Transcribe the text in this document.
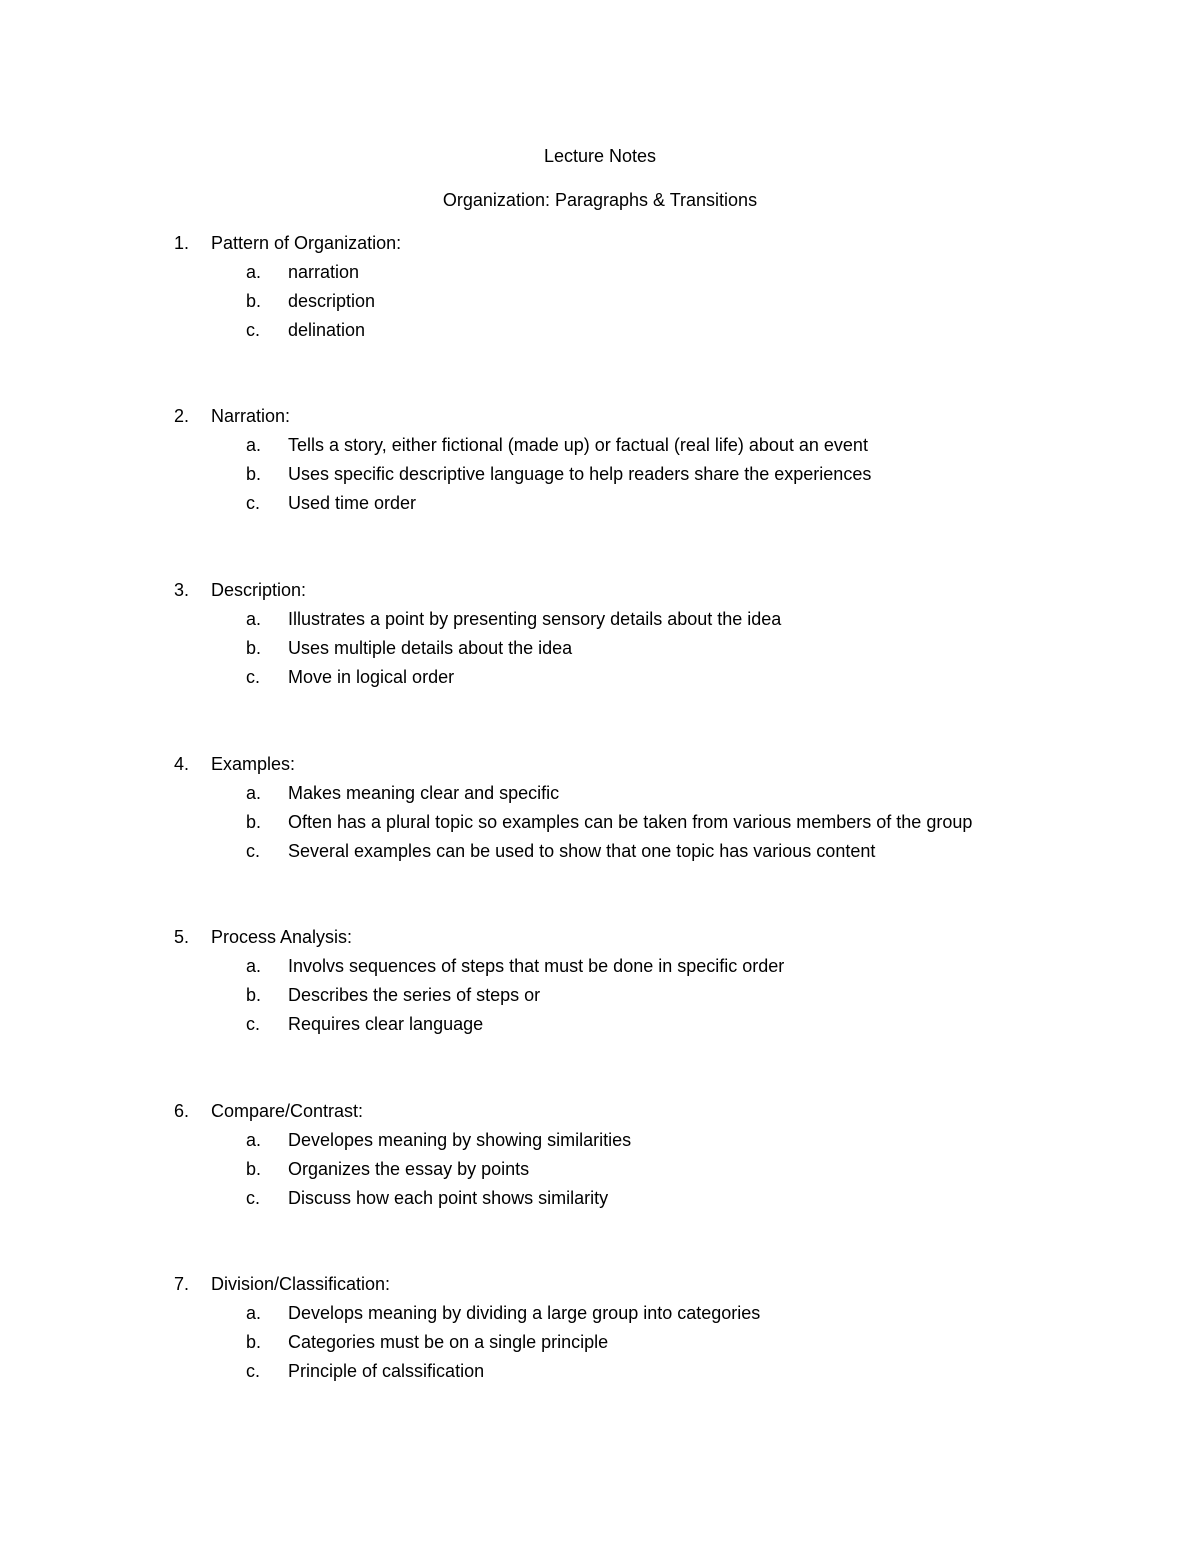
Lecture Notes
Organization: Paragraphs & Transitions
1. Pattern of Organization:
a. narration
b. description
c. delination
2. Narration:
a. Tells a story, either fictional (made up) or factual (real life) about an event
b. Uses specific descriptive language to help readers share the experiences
c. Used time order
3. Description:
a. Illustrates a point by presenting sensory details about the idea
b. Uses multiple details about the idea
c. Move in logical order
4. Examples:
a. Makes meaning clear and specific
b. Often has a plural topic so examples can be taken from various members of the group
c. Several examples can be used to show that one topic has various content
5. Process Analysis:
a. Involvs sequences of steps that must be done in specific order
b. Describes the series of steps or
c. Requires clear language
6. Compare/Contrast:
a. Developes meaning by showing similarities
b. Organizes the essay by points
c. Discuss how each point shows similarity
7. Division/Classification:
a. Develops meaning by dividing a large group into categories
b. Categories must be on a single principle
c. Principle of calssification
